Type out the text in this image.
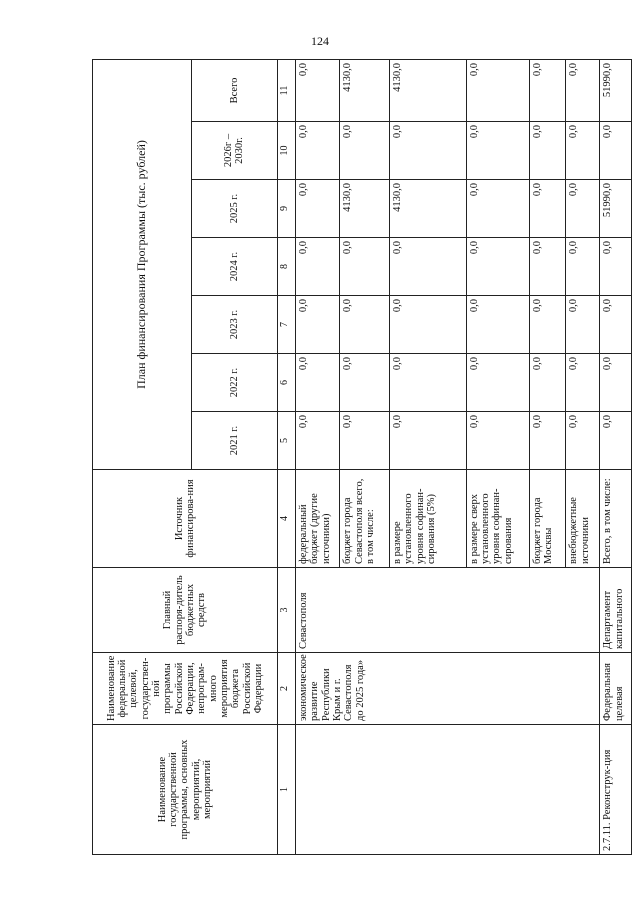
124
Наименование государственной программы, основных мероприятий, мероприятий	Наименование федеральной целевой, государствен-ной программы Российской Федерации, непрограм-много мероприятия бюджета Российской Федерации	Главный распоря-дитель бюджетных средств	Источник финансирова-ния	План финансирования Программы (тыс. рублей)						
				2021 г.	2022 г.	2023 г.	2024 г.	2025 г.	2026г – 2030г.	Всего
1	2	3	4	5	6	7	8	9	10	11
	экономическое развитие Республики Крым и г. Севастополя до 2025 года»	Севастополя	федеральный бюджет (другие источники)	0,0	0,0	0,0	0,0	0,0	0,0	0,0
			бюджет города Севастополя всего, в том числе:	0,0	0,0	0,0	0,0	4130,0	0,0	4130,0
			в размере установленного уровня софинан-сирования (5%)	0,0	0,0	0,0	0,0	4130,0	0,0	4130,0
			в размере сверх установленного уровня софинан-сирования	0,0	0,0	0,0	0,0	0,0	0,0	0,0
			бюджет города Москвы	0,0	0,0	0,0	0,0	0,0	0,0	0,0
			внебюджетные источники	0,0	0,0	0,0	0,0	0,0	0,0	0,0
2.7.11. Реконструк-ция	Федеральная целевая	Департамент капитального	Всего, в том числе:	0,0	0,0	0,0	0,0	51990,0	0,0	51990,0
